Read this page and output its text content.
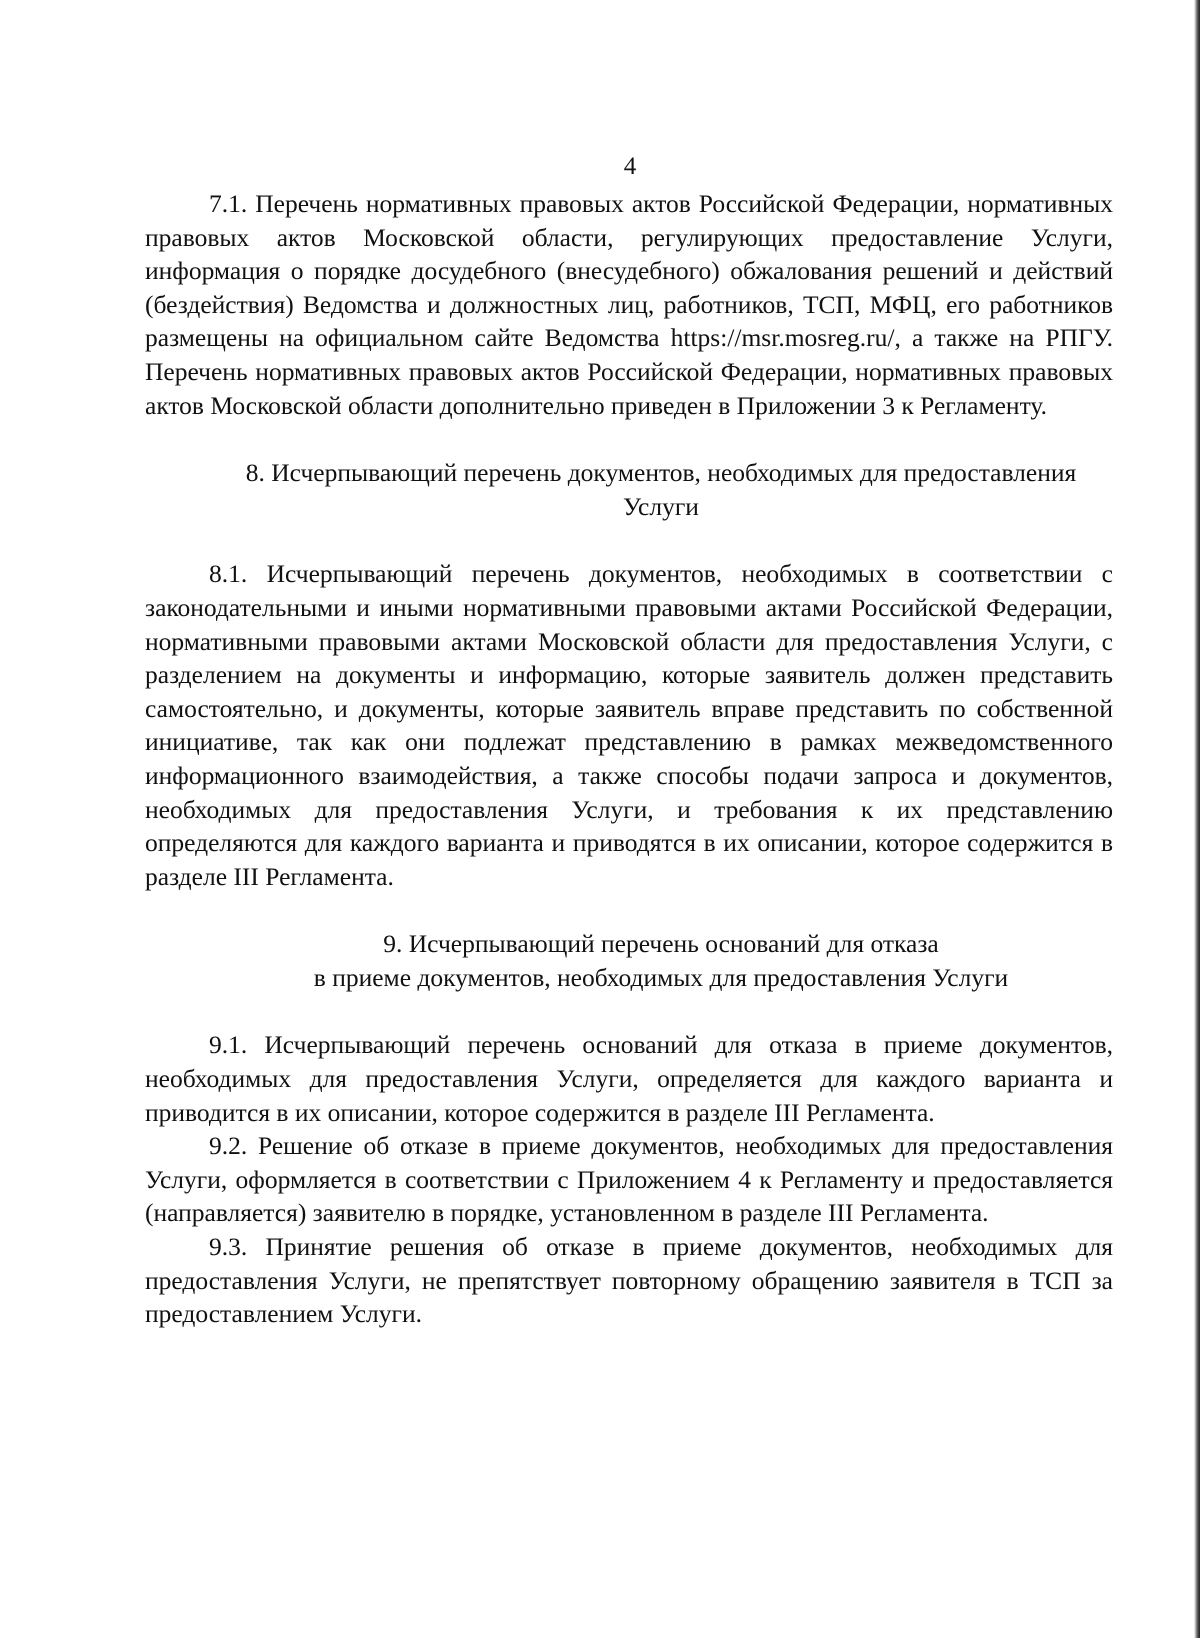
4

7.1. Перечень нормативных правовых актов Российской Федерации, нормативных правовых актов Московской области, регулирующих предоставление Услуги, информация о порядке досудебного (внесудебного) обжалования решений и действий (бездействия) Ведомства и должностных лиц, работников, ТСП, МФЦ, его работников размещены на официальном сайте Ведомства https://msr.mosreg.ru/, а также на РПГУ. Перечень нормативных правовых актов Российской Федерации, нормативных правовых актов Московской области дополнительно приведен в Приложении 3 к Регламенту.

8. Исчерпывающий перечень документов, необходимых для предоставления
Услуги

8.1. Исчерпывающий перечень документов, необходимых в соответствии с законодательными и иными нормативными правовыми актами Российской Федерации, нормативными правовыми актами Московской области для предоставления Услуги, с разделением на документы и информацию, которые заявитель должен представить самостоятельно, и документы, которые заявитель вправе представить по собственной инициативе, так как они подлежат представлению в рамках межведомственного информационного взаимодействия, а также способы подачи запроса и документов, необходимых для предоставления Услуги, и требования к их представлению определяются для каждого варианта и приводятся в их описании, которое содержится в разделе III Регламента.

9. Исчерпывающий перечень оснований для отказа
в приеме документов, необходимых для предоставления Услуги

9.1. Исчерпывающий перечень оснований для отказа в приеме документов, необходимых для предоставления Услуги, определяется для каждого варианта и приводится в их описании, которое содержится в разделе III Регламента.

9.2. Решение об отказе в приеме документов, необходимых для предоставления Услуги, оформляется в соответствии с Приложением 4 к Регламенту и предоставляется (направляется) заявителю в порядке, установленном в разделе III Регламента.

9.3. Принятие решения об отказе в приеме документов, необходимых для предоставления Услуги, не препятствует повторному обращению заявителя в ТСП за предоставлением Услуги.
